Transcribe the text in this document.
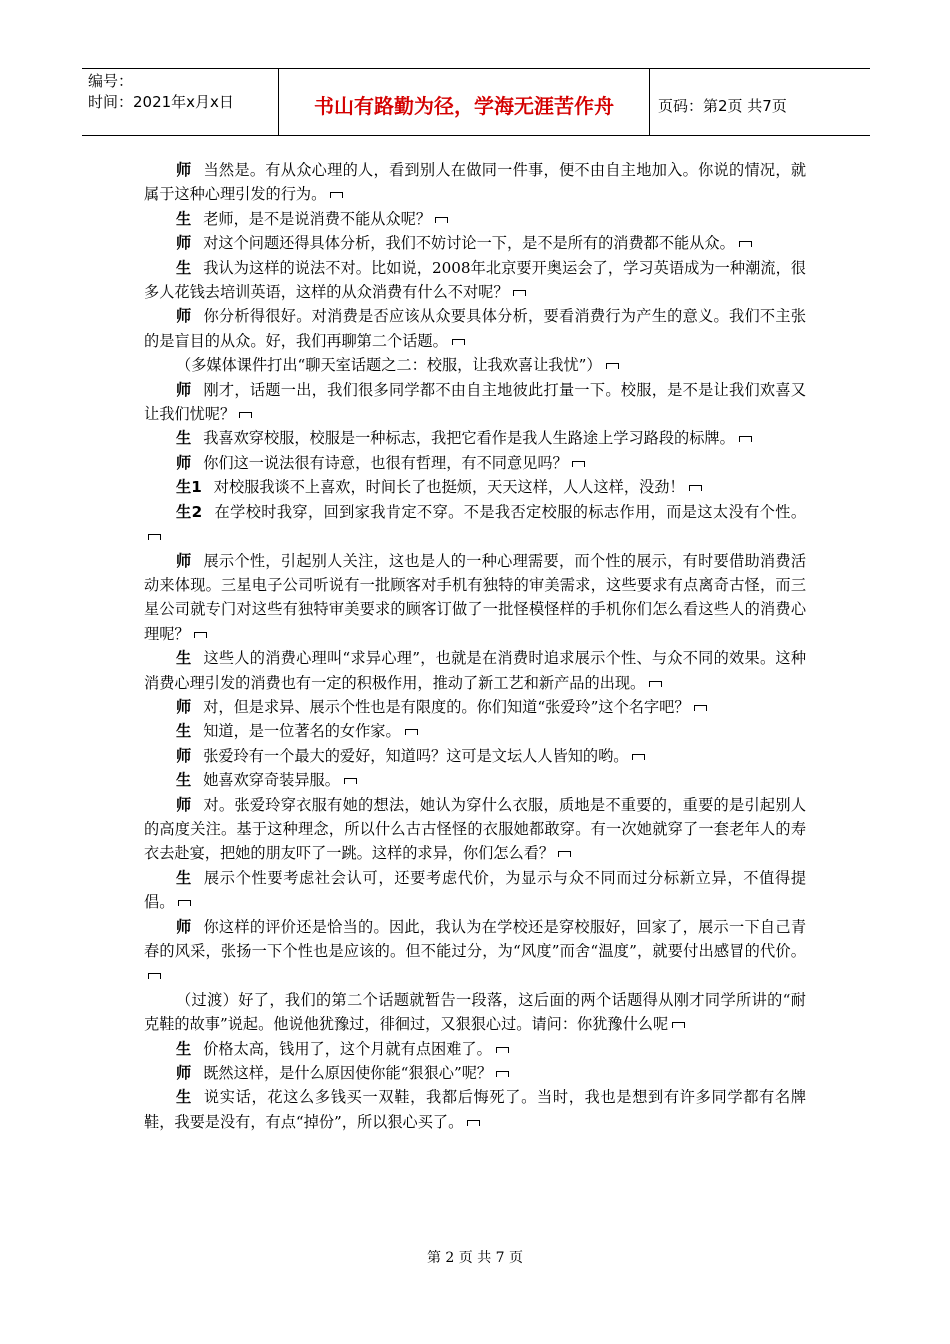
编号：
时间：2021年x月x日	书山有路勤为径，学海无涯苦作舟	页码：第2页 共7页

师 当然是。有从众心理的人，看到别人在做同一件事，便不由自主地加入。你说的情况，就属于这种心理引发的行为。

生 老师，是不是说消费不能从众呢？

师 对这个问题还得具体分析，我们不妨讨论一下，是不是所有的消费都不能从众。

生 我认为这样的说法不对。比如说，2008年北京要开奥运会了，学习英语成为一种潮流，很多人花钱去培训英语，这样的从众消费有什么不对呢？

师 你分析得很好。对消费是否应该从众要具体分析，要看消费行为产生的意义。我们不主张的是盲目的从众。好，我们再聊第二个话题。

（多媒体课件打出“聊天室话题之二：校服，让我欢喜让我忧”）

师 刚才，话题一出，我们很多同学都不由自主地彼此打量一下。校服，是不是让我们欢喜又让我们忧呢？

生 我喜欢穿校服，校服是一种标志，我把它看作是我人生路途上学习路段的标牌。

师 你们这一说法很有诗意，也很有哲理，有不同意见吗？

生1 对校服我谈不上喜欢，时间长了也挺烦，天天这样，人人这样，没劲！

生2 在学校时我穿，回到家我肯定不穿。不是我否定校服的标志作用，而是这太没有个性。

师 展示个性，引起别人关注，这也是人的一种心理需要，而个性的展示，有时要借助消费活动来体现。三星电子公司听说有一批顾客对手机有独特的审美需求，这些要求有点离奇古怪，而三星公司就专门对这些有独特审美要求的顾客订做了一批怪模怪样的手机你们怎么看这些人的消费心理呢？

生 这些人的消费心理叫“求异心理”，也就是在消费时追求展示个性、与众不同的效果。这种消费心理引发的消费也有一定的积极作用，推动了新工艺和新产品的出现。

师 对，但是求异、展示个性也是有限度的。你们知道“张爱玲”这个名字吧？

生 知道，是一位著名的女作家。

师 张爱玲有一个最大的爱好，知道吗？这可是文坛人人皆知的哟。

生 她喜欢穿奇装异服。

师 对。张爱玲穿衣服有她的想法，她认为穿什么衣服，质地是不重要的，重要的是引起别人的高度关注。基于这种理念，所以什么古古怪怪的衣服她都敢穿。有一次她就穿了一套老年人的寿衣去赴宴，把她的朋友吓了一跳。这样的求异，你们怎么看？

生 展示个性要考虑社会认可，还要考虑代价，为显示与众不同而过分标新立异，不值得提倡。

师 你这样的评价还是恰当的。因此，我认为在学校还是穿校服好，回家了，展示一下自己青春的风采，张扬一下个性也是应该的。但不能过分，为“风度”而舍“温度”，就要付出感冒的代价。

（过渡）好了，我们的第二个话题就暂告一段落，这后面的两个话题得从刚才同学所讲的“耐克鞋的故事”说起。他说他犹豫过，徘徊过，又狠狠心过。请问：你犹豫什么呢

生 价格太高，钱用了，这个月就有点困难了。

师 既然这样，是什么原因使你能“狠狠心”呢？

生 说实话，花这么多钱买一双鞋，我都后悔死了。当时，我也是想到有许多同学都有名牌鞋，我要是没有，有点“掉份”，所以狠心买了。

第 2 页 共 7 页
